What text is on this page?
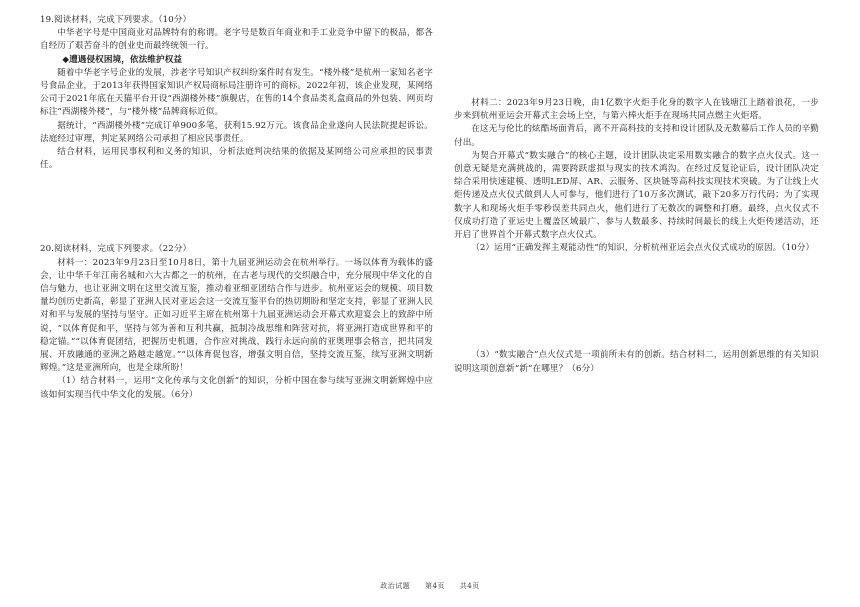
19.阅读材料，完成下列要求。（10分）

中华老字号是中国商业对品牌特有的称谓。老字号是数百年商业和手工业竞争中留下的极品，都各自经历了艰苦奋斗的创业史而最终统领一行。

◆遭遇侵权困境，依法维护权益

随着中华老字号企业的发展，涉老字号知识产权纠纷案件时有发生。“楼外楼”是杭州一家知名老字号食品企业，于2013年获得国家知识产权局商标局注册许可的商标。2022年初，该企业发现，某网络公司于2021年底在天猫平台开设“西湖楼外楼”旗舰店，在售的14个食品类礼盒商品的外包装、网页均标注“西湖楼外楼”，与“楼外楼”品牌商标近似。

据统计，“西湖楼外楼”完成订单900多笔，获利15.92万元。该食品企业遂向人民法院提起诉讼。法庭经过审理，判定某网络公司承担了相应民事责任。

结合材料，运用民事权利和义务的知识，分析法庭判决结果的依据及某网络公司应承担的民事责任。

20.阅读材料，完成下列要求。（22分）

材料一：2023年9月23日至10月8日，第十九届亚洲运动会在杭州举行。一场以体育为载体的盛会，让中华千年江南名城和六大古都之一的杭州，在古老与现代的交织融合中，充分展现中华文化的自信与魅力，也让亚洲文明在这里交流互鉴，推动着亚细亚团结合作与进步。杭州亚运会的规模、项目数量均创历史新高，彰显了亚洲人民对亚运会这一交流互鉴平台的热切期盼和坚定支持，彰显了亚洲人民对和平与发展的坚持与坚守。正如习近平主席在杭州第十九届亚洲运动会开幕式欢迎宴会上的致辞中所说，“以体育促和平，坚持与邻为善和互利共赢，抵制冷战思维和阵营对抗，将亚洲打造成世界和平的稳定锚。”“以体育促团结，把握历史机遇，合作应对挑战，践行永远向前的亚奥理事会格言，把共同发展、开放融通的亚洲之路越走越宽。”“以体育促包容，增强文明自信，坚持交流互鉴，续写亚洲文明新辉煌。”这是亚洲所向，也是全球所盼！

（1）结合材料一，运用“文化传承与文化创新”的知识，分析中国在参与续写亚洲文明新辉煌中应该如何实现当代中华文化的发展。（6分）

材料二：2023年9月23日晚，由1亿数字火炬手化身的数字人在钱塘江上踏着浪花，一步步来到杭州亚运会开幕式主会场上空，与第六棒火炬手在现场共同点燃主火炬塔。

在这无与伦比的炫酷场面背后，离不开高科技的支持和设计团队及无数幕后工作人员的辛勤付出。

为契合开幕式“数实融合”的核心主题，设计团队决定采用数实融合的数字点火仪式。这一创意无疑是充满挑战的，需要跨跃虚拟与现实的技术鸿沟。在经过反复论证后，设计团队决定综合采用快速建模、透明LED屏、AR、云服务、区块链等高科技实现技术突破。为了让线上火炬传递及点火仪式做到人人可参与，他们进行了10万多次测试，敲下20多万行代码；为了实现数字人和现场火炬手零秒误差共同点火，他们进行了无数次的调整和打磨。最终，点火仪式不仅成功打造了亚运史上覆盖区域最广、参与人数最多、持续时间最长的线上火炬传递活动，还开启了世界首个开幕式数字点火仪式。

（2）运用“正确发挥主观能动性”的知识，分析杭州亚运会点火仪式成功的原因。（10分）

（3）“数实融合”点火仪式是一项前所未有的创新。结合材料二，运用创新思维的有关知识说明这项创意新“新”在哪里？（6分）

政治试题 第4页 共4页
